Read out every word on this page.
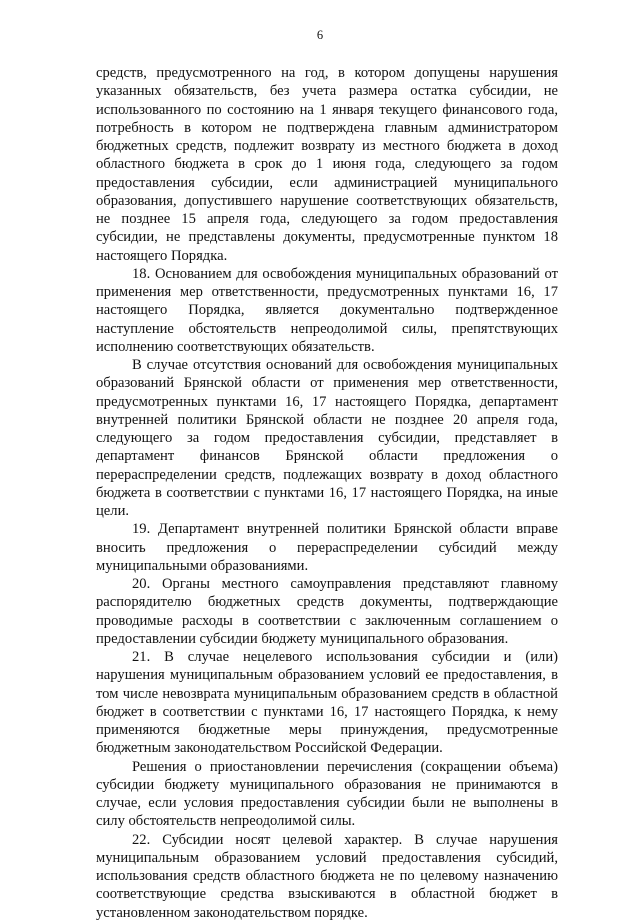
6

средств, предусмотренного на год, в котором допущены нарушения указанных обязательств, без учета размера остатка субсидии, не использованного по состоянию на 1 января текущего финансового года, потребность в котором не подтверждена главным администратором бюджетных средств, подлежит возврату из местного бюджета в доход областного бюджета в срок до 1 июня года, следующего за годом предоставления субсидии, если администрацией муниципального образования, допустившего нарушение соответствующих обязательств, не позднее 15 апреля года, следующего за годом предоставления субсидии, не представлены документы, предусмотренные пунктом 18 настоящего Порядка.

18. Основанием для освобождения муниципальных образований от применения мер ответственности, предусмотренных пунктами 16, 17 настоящего Порядка, является документально подтвержденное наступление обстоятельств непреодолимой силы, препятствующих исполнению соответствующих обязательств.

В случае отсутствия оснований для освобождения муниципальных образований Брянской области от применения мер ответственности, предусмотренных пунктами 16, 17 настоящего Порядка, департамент внутренней политики Брянской области не позднее 20 апреля года, следующего за годом предоставления субсидии, представляет в департамент финансов Брянской области предложения о перераспределении средств, подлежащих возврату в доход областного бюджета в соответствии с пунктами 16, 17 настоящего Порядка, на иные цели.

19. Департамент внутренней политики Брянской области вправе вносить предложения о перераспределении субсидий между муниципальными образованиями.

20. Органы местного самоуправления представляют главному распорядителю бюджетных средств документы, подтверждающие проводимые расходы в соответствии с заключенным соглашением о предоставлении субсидии бюджету муниципального образования.

21. В случае нецелевого использования субсидии и (или) нарушения муниципальным образованием условий ее предоставления, в том числе невозврата муниципальным образованием средств в областной бюджет в соответствии с пунктами 16, 17 настоящего Порядка, к нему применяются бюджетные меры принуждения, предусмотренные бюджетным законодательством Российской Федерации.

Решения о приостановлении перечисления (сокращении объема) субсидии бюджету муниципального образования не принимаются в случае, если условия предоставления субсидии были не выполнены в силу обстоятельств непреодолимой силы.

22. Субсидии носят целевой характер. В случае нарушения муниципальным образованием условий предоставления субсидий, использования средств областного бюджета не по целевому назначению соответствующие средства взыскиваются в областной бюджет в установленном законодательством порядке.
